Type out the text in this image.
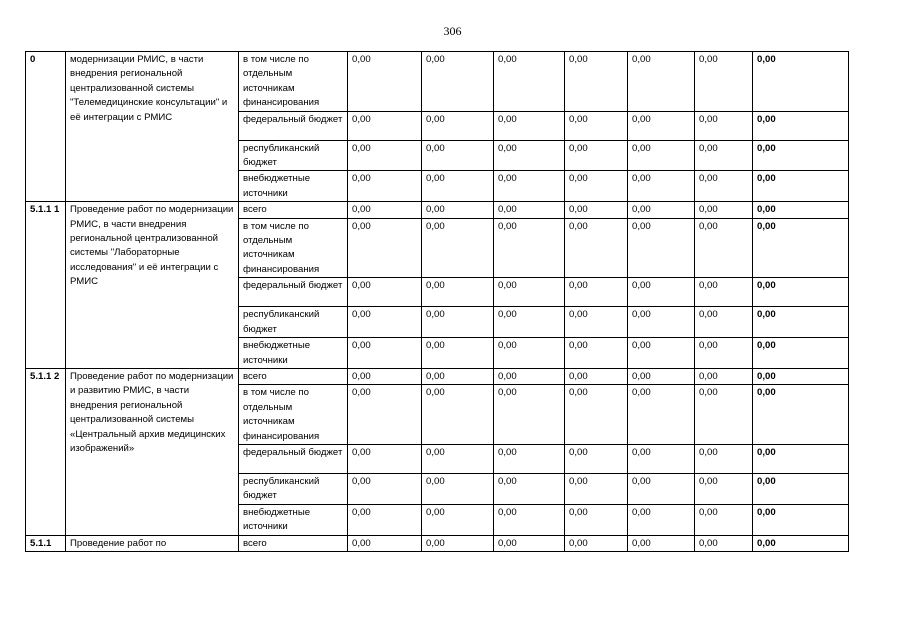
306
0	модернизации РМИС, в части внедрения региональной централизованной системы "Телемедицинские консультации" и её интеграции с РМИС	в том числе по отдельным источникам финансирования	0,00	0,00	0,00	0,00	0,00	0,00	0,00
		федеральный бюджет	0,00	0,00	0,00	0,00	0,00	0,00	0,00
		республиканский бюджет	0,00	0,00	0,00	0,00	0,00	0,00	0,00
		внебюджетные источники	0,00	0,00	0,00	0,00	0,00	0,00	0,00
5.1.1 1	Проведение работ по модернизации РМИС, в части внедрения региональной централизованной системы "Лабораторные исследования" и её интеграции с РМИС	всего	0,00	0,00	0,00	0,00	0,00	0,00	0,00
		в том числе по отдельным источникам финансирования	0,00	0,00	0,00	0,00	0,00	0,00	0,00
		федеральный бюджет	0,00	0,00	0,00	0,00	0,00	0,00	0,00
		республиканский бюджет	0,00	0,00	0,00	0,00	0,00	0,00	0,00
		внебюджетные источники	0,00	0,00	0,00	0,00	0,00	0,00	0,00
5.1.1 2	Проведение работ по модернизации и развитию РМИС, в части внедрения региональной централизованной системы «Центральный архив медицинских изображений»	всего	0,00	0,00	0,00	0,00	0,00	0,00	0,00
		в том числе по отдельным источникам финансирования	0,00	0,00	0,00	0,00	0,00	0,00	0,00
		федеральный бюджет	0,00	0,00	0,00	0,00	0,00	0,00	0,00
		республиканский бюджет	0,00	0,00	0,00	0,00	0,00	0,00	0,00
		внебюджетные источники	0,00	0,00	0,00	0,00	0,00	0,00	0,00
5.1.1	Проведение работ по	всего	0,00	0,00	0,00	0,00	0,00	0,00	0,00
